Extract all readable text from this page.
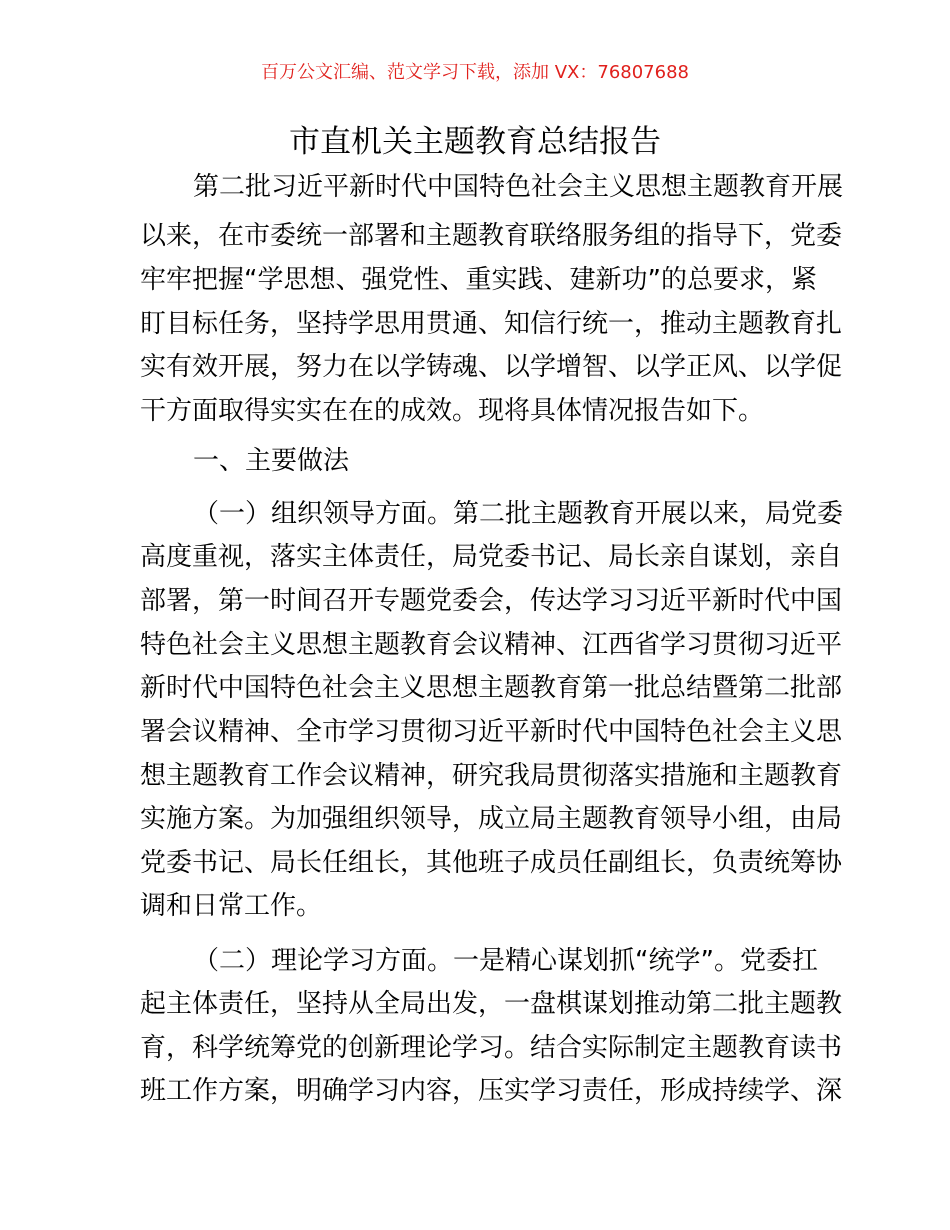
百万公文汇编、范文学习下载，添加 VX：76807688
市直机关主题教育总结报告
第二批习近平新时代中国特色社会主义思想主题教育开展
以来，在市委统一部署和主题教育联络服务组的指导下，党委
牢牢把握“学思想、强党性、重实践、建新功”的总要求，紧
盯目标任务，坚持学思用贯通、知信行统一，推动主题教育扎
实有效开展，努力在以学铸魂、以学增智、以学正风、以学促
干方面取得实实在在的成效。现将具体情况报告如下。
一、主要做法
（一）组织领导方面。第二批主题教育开展以来，局党委
高度重视，落实主体责任，局党委书记、局长亲自谋划，亲自
部署，第一时间召开专题党委会，传达学习习近平新时代中国
特色社会主义思想主题教育会议精神、江西省学习贯彻习近平
新时代中国特色社会主义思想主题教育第一批总结暨第二批部
署会议精神、全市学习贯彻习近平新时代中国特色社会主义思
想主题教育工作会议精神，研究我局贯彻落实措施和主题教育
实施方案。为加强组织领导，成立局主题教育领导小组，由局
党委书记、局长任组长，其他班子成员任副组长，负责统筹协
调和日常工作。
（二）理论学习方面。一是精心谋划抓“统学”。党委扛
起主体责任，坚持从全局出发，一盘棋谋划推动第二批主题教
育，科学统筹党的创新理论学习。结合实际制定主题教育读书
班工作方案，明确学习内容，压实学习责任，形成持续学、深
